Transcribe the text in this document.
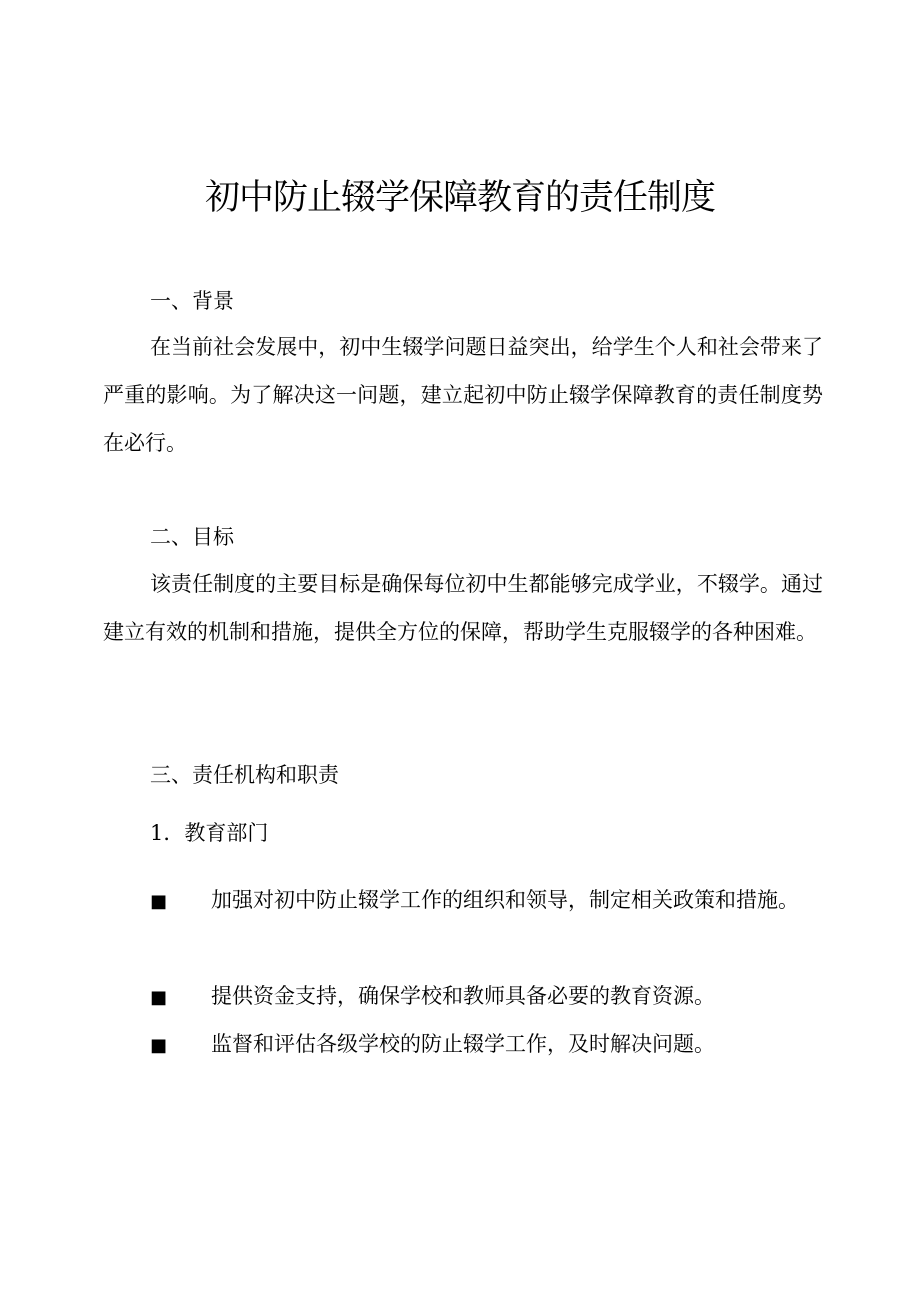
初中防止辍学保障教育的责任制度
一、背景

在当前社会发展中，初中生辍学问题日益突出，给学生个人和社会带来了严重的影响。为了解决这一问题，建立起初中防止辍学保障教育的责任制度势在必行。

二、目标

该责任制度的主要目标是确保每位初中生都能够完成学业，不辍学。通过建立有效的机制和措施，提供全方位的保障，帮助学生克服辍学的各种困难。

三、责任机构和职责

1．教育部门

■ 加强对初中防止辍学工作的组织和领导，制定相关政策和措施。

■ 提供资金支持，确保学校和教师具备必要的教育资源。

■ 监督和评估各级学校的防止辍学工作，及时解决问题。
